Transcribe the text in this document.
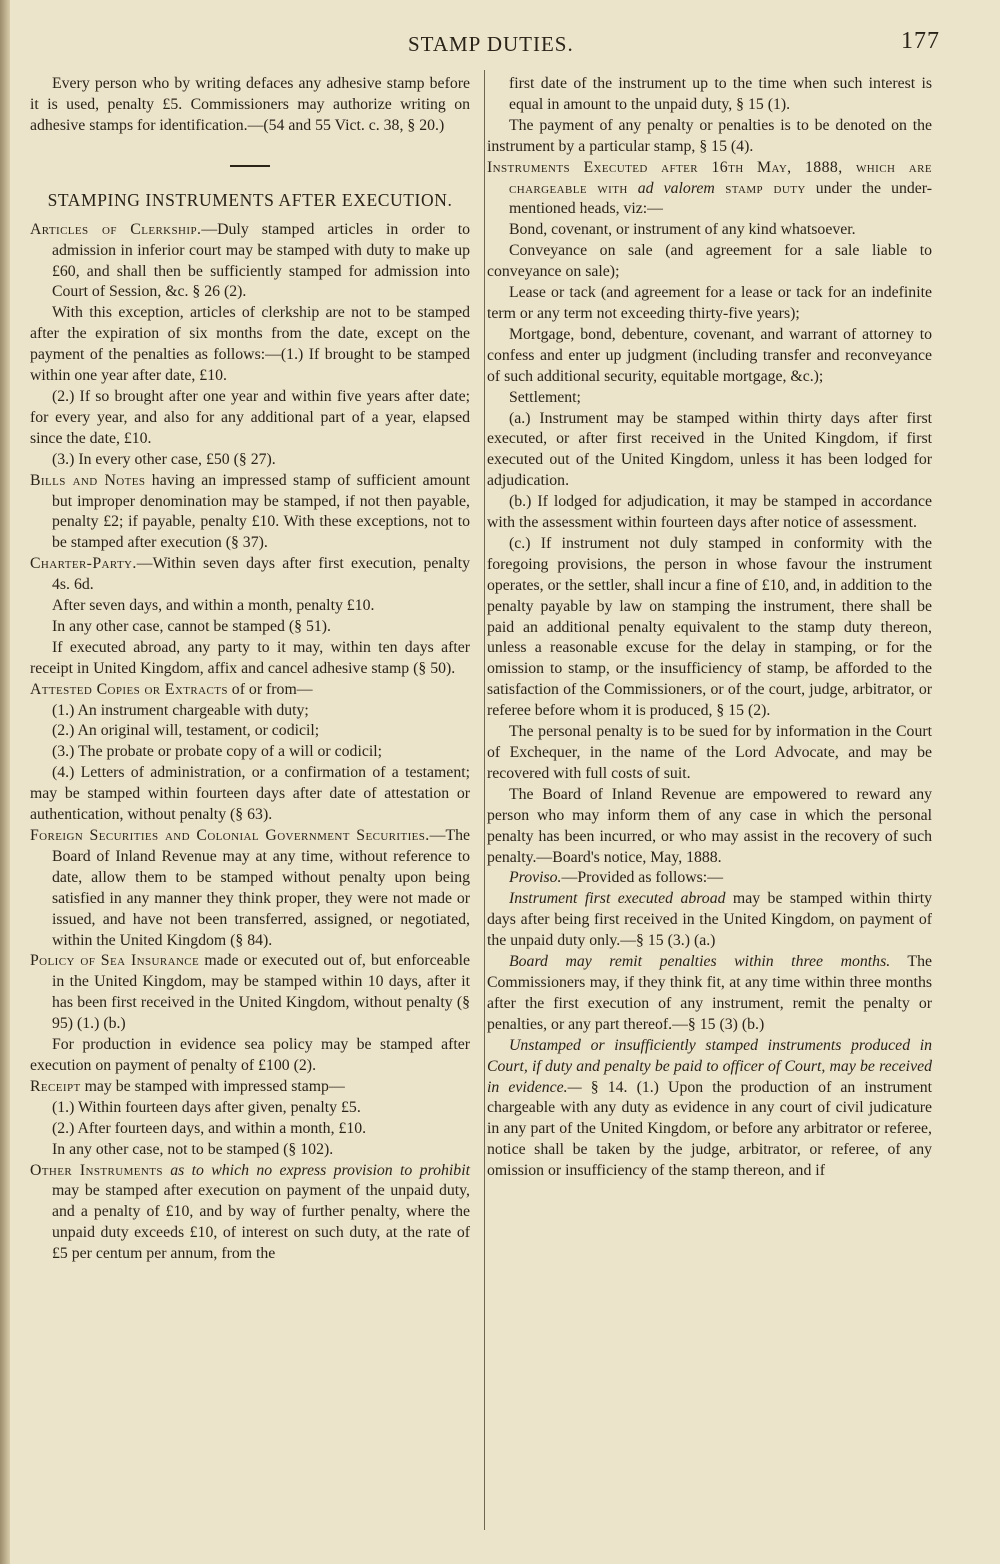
STAMP DUTIES.	177

Every person who by writing defaces any adhesive stamp before it is used, penalty £5. Commissioners may authorize writing on adhesive stamps for identification.—(54 and 55 Vict. c. 38, § 20.)

STAMPING INSTRUMENTS AFTER EXECUTION.

Articles of Clerkship.—Duly stamped articles in order to admission in inferior court may be stamped with duty to make up £60, and shall then be sufficiently stamped for admission into Court of Session, &c. § 26 (2).

With this exception, articles of clerkship are not to be stamped after the expiration of six months from the date, except on the payment of the penalties as follows:—(1.) If brought to be stamped within one year after date, £10.

(2.) If so brought after one year and within five years after date; for every year, and also for any additional part of a year, elapsed since the date, £10.

(3.) In every other case, £50 (§ 27).

Bills and Notes having an impressed stamp of sufficient amount but improper denomination may be stamped, if not then payable, penalty £2; if payable, penalty £10. With these exceptions, not to be stamped after execution (§ 37).

Charter-Party.—Within seven days after first execution, penalty 4s. 6d.

After seven days, and within a month, penalty £10.

In any other case, cannot be stamped (§ 51).

If executed abroad, any party to it may, within ten days after receipt in United Kingdom, affix and cancel adhesive stamp (§ 50).

Attested Copies or Extracts of or from—

(1.) An instrument chargeable with duty;

(2.) An original will, testament, or codicil;

(3.) The probate or probate copy of a will or codicil;

(4.) Letters of administration, or a confirmation of a testament; may be stamped within fourteen days after date of attestation or authentication, without penalty (§ 63).

Foreign Securities and Colonial Government Securities.—The Board of Inland Revenue may at any time, without reference to date, allow them to be stamped without penalty upon being satisfied in any manner they think proper, they were not made or issued, and have not been transferred, assigned, or negotiated, within the United Kingdom (§ 84).

Policy of Sea Insurance made or executed out of, but enforceable in the United Kingdom, may be stamped within 10 days, after it has been first received in the United Kingdom, without penalty (§ 95) (1.) (b.)

For production in evidence sea policy may be stamped after execution on payment of penalty of £100 (2).

Receipt may be stamped with impressed stamp—

(1.) Within fourteen days after given, penalty £5.

(2.) After fourteen days, and within a month, £10.

In any other case, not to be stamped (§ 102).

Other Instruments as to which no express provision to prohibit may be stamped after execution on payment of the unpaid duty, and a penalty of £10, and by way of further penalty, where the unpaid duty exceeds £10, of interest on such duty, at the rate of £5 per centum per annum, from the

first date of the instrument up to the time when such interest is equal in amount to the unpaid duty, § 15 (1).

The payment of any penalty or penalties is to be denoted on the instrument by a particular stamp, § 15 (4).

Instruments Executed after 16th May, 1888, which are chargeable with ad valorem stamp duty under the under-mentioned heads, viz:—

Bond, covenant, or instrument of any kind whatsoever.

Conveyance on sale (and agreement for a sale liable to conveyance on sale);

Lease or tack (and agreement for a lease or tack for an indefinite term or any term not exceeding thirty-five years);

Mortgage, bond, debenture, covenant, and warrant of attorney to confess and enter up judgment (including transfer and reconveyance of such additional security, equitable mortgage, &c.);

Settlement;

(a.) Instrument may be stamped within thirty days after first executed, or after first received in the United Kingdom, if first executed out of the United Kingdom, unless it has been lodged for adjudication.

(b.) If lodged for adjudication, it may be stamped in accordance with the assessment within fourteen days after notice of assessment.

(c.) If instrument not duly stamped in conformity with the foregoing provisions, the person in whose favour the instrument operates, or the settler, shall incur a fine of £10, and, in addition to the penalty payable by law on stamping the instrument, there shall be paid an additional penalty equivalent to the stamp duty thereon, unless a reasonable excuse for the delay in stamping, or for the omission to stamp, or the insufficiency of stamp, be afforded to the satisfaction of the Commissioners, or of the court, judge, arbitrator, or referee before whom it is produced, § 15 (2).

The personal penalty is to be sued for by information in the Court of Exchequer, in the name of the Lord Advocate, and may be recovered with full costs of suit.

The Board of Inland Revenue are empowered to reward any person who may inform them of any case in which the personal penalty has been incurred, or who may assist in the recovery of such penalty.—Board's notice, May, 1888.

Proviso.—Provided as follows:—

Instrument first executed abroad may be stamped within thirty days after being first received in the United Kingdom, on payment of the unpaid duty only.—§ 15 (3.) (a.)

Board may remit penalties within three months. The Commissioners may, if they think fit, at any time within three months after the first execution of any instrument, remit the penalty or penalties, or any part thereof.—§ 15 (3) (b.)

Unstamped or insufficiently stamped instruments produced in Court, if duty and penalty be paid to officer of Court, may be received in evidence.— § 14. (1.) Upon the production of an instrument chargeable with any duty as evidence in any court of civil judicature in any part of the United Kingdom, or before any arbitrator or referee, notice shall be taken by the judge, arbitrator, or referee, of any omission or insufficiency of the stamp thereon, and if
